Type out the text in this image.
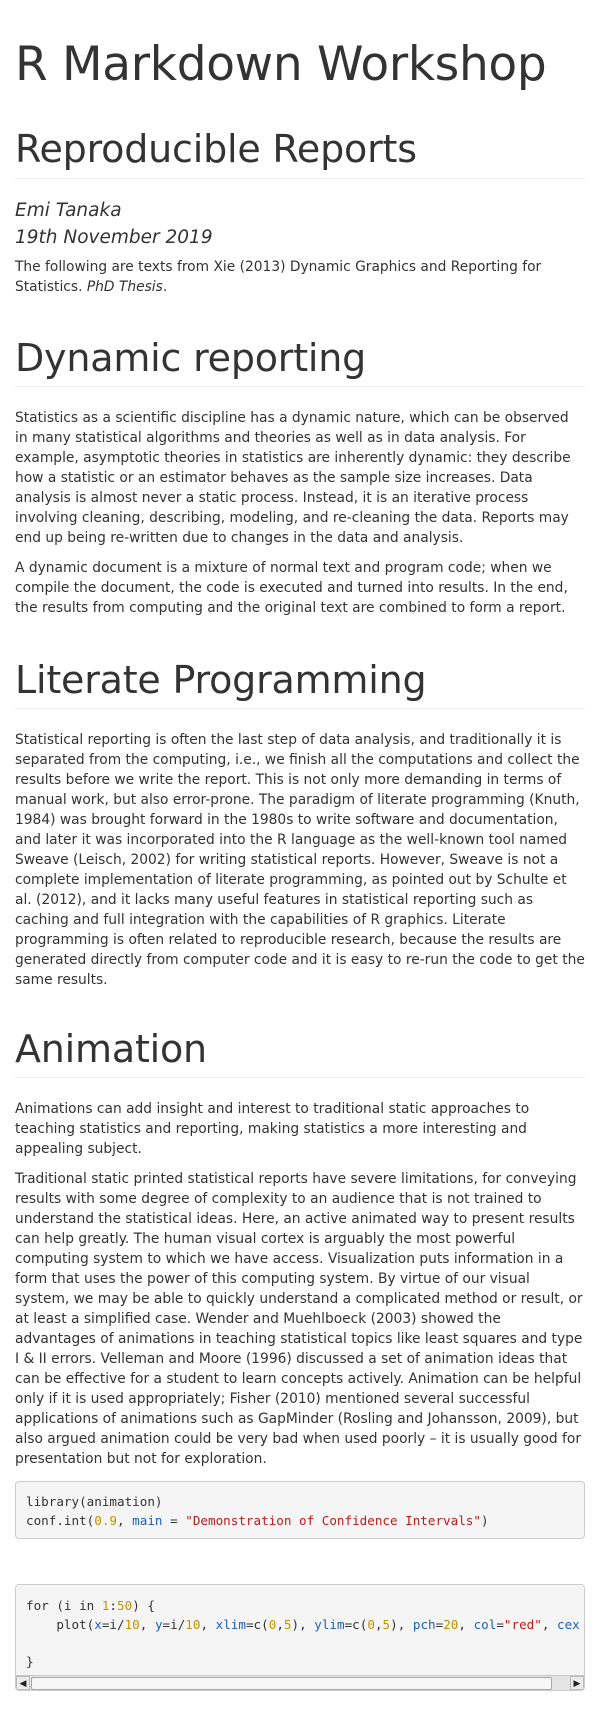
R Markdown Workshop
Reproducible Reports

Emi Tanaka

19th November 2019

The following are texts from Xie (2013) Dynamic Graphics and Reporting for Statistics. PhD Thesis.

Dynamic reporting

Statistics as a scientific discipline has a dynamic nature, which can be observed in many statistical algorithms and theories as well as in data analysis. For example, asymptotic theories in statistics are inherently dynamic: they describe how a statistic or an estimator behaves as the sample size increases. Data analysis is almost never a static process. Instead, it is an iterative process involving cleaning, describing, modeling, and re-cleaning the data. Reports may end up being re-written due to changes in the data and analysis.

A dynamic document is a mixture of normal text and program code; when we compile the document, the code is executed and turned into results. In the end, the results from computing and the original text are combined to form a report.

Literate Programming

Statistical reporting is often the last step of data analysis, and traditionally it is separated from the computing, i.e., we finish all the computations and collect the results before we write the report. This is not only more demanding in terms of manual work, but also error-prone. The paradigm of literate programming (Knuth, 1984) was brought forward in the 1980s to write software and documentation, and later it was incorporated into the R language as the well-known tool named Sweave (Leisch, 2002) for writing statistical reports. However, Sweave is not a complete implementation of literate programming, as pointed out by Schulte et al. (2012), and it lacks many useful features in statistical reporting such as caching and full integration with the capabilities of R graphics. Literate programming is often related to reproducible research, because the results are generated directly from computer code and it is easy to re-run the code to get the same results.

Animation

Animations can add insight and interest to traditional static approaches to teaching statistics and reporting, making statistics a more interesting and appealing subject.

Traditional static printed statistical reports have severe limitations, for conveying results with some degree of complexity to an audience that is not trained to understand the statistical ideas. Here, an active animated way to present results can help greatly. The human visual cortex is arguably the most powerful computing system to which we have access. Visualization puts information in a form that uses the power of this computing system. By virtue of our visual system, we may be able to quickly understand a complicated method or result, or at least a simplified case. Wender and Muehlboeck (2003) showed the advantages of animations in teaching statistical topics like least squares and type I & II errors. Velleman and Moore (1996) discussed a set of animation ideas that can be effective for a student to learn concepts actively. Animation can be helpful only if it is used appropriately; Fisher (2010) mentioned several successful applications of animations such as GapMinder (Rosling and Johansson, 2009), but also argued animation could be very bad when used poorly – it is usually good for presentation but not for exploration.

library(animation)
conf.int(0.9, main = "Demonstration of Confidence Intervals")
for (i in 1:50) {
plot(x=i/10, y=i/10, xlim=c(0,5), ylim=c(0,5), pch=20, col="red", cex

}
◀	▶
